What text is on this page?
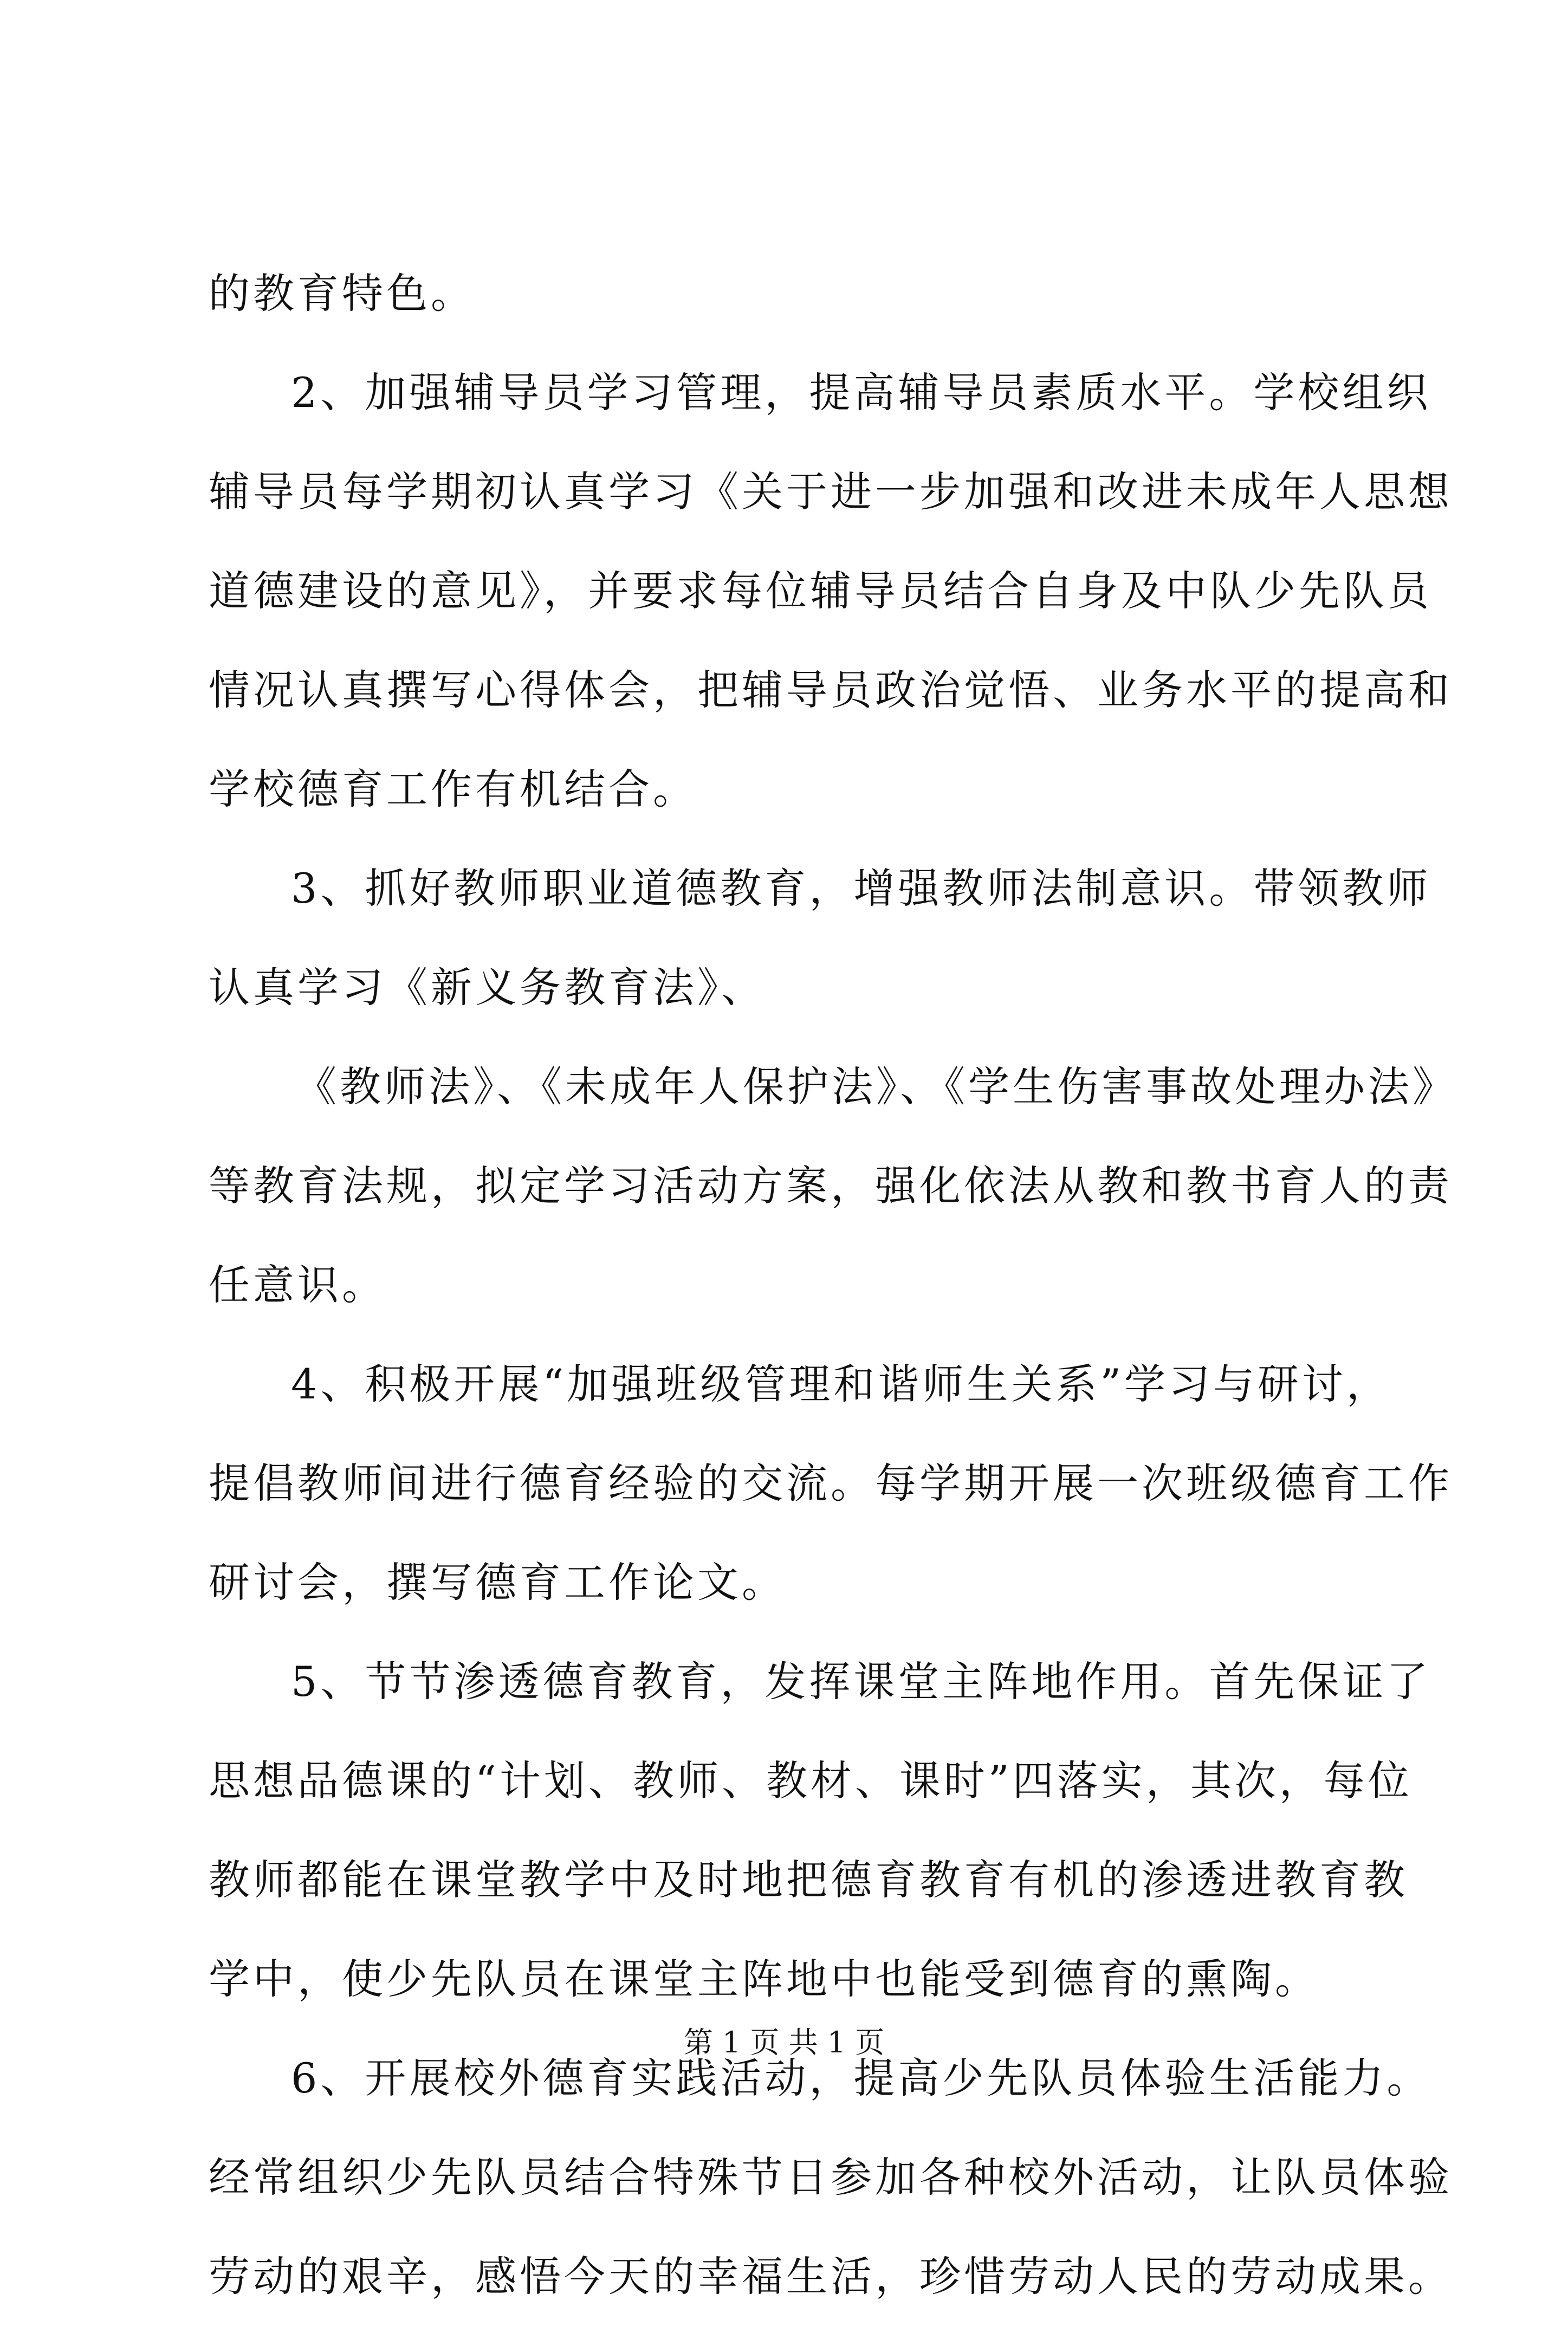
的教育特色。
2、加强辅导员学习管理，提高辅导员素质水平。学校组织
辅导员每学期初认真学习《关于进一步加强和改进未成年人思想
道德建设的意见》，并要求每位辅导员结合自身及中队少先队员
情况认真撰写心得体会，把辅导员政治觉悟、业务水平的提高和
学校德育工作有机结合。
3、抓好教师职业道德教育，增强教师法制意识。带领教师
认真学习《新义务教育法》、
《教师法》、《未成年人保护法》、《学生伤害事故处理办法》
等教育法规，拟定学习活动方案，强化依法从教和教书育人的责
任意识。
4、积极开展“加强班级管理和谐师生关系”学习与研讨，
提倡教师间进行德育经验的交流。每学期开展一次班级德育工作
研讨会，撰写德育工作论文。
5、节节渗透德育教育，发挥课堂主阵地作用。首先保证了
思想品德课的“计划、教师、教材、课时”四落实，其次，每位
教师都能在课堂教学中及时地把德育教育有机的渗透进教育教
学中，使少先队员在课堂主阵地中也能受到德育的熏陶。
6、开展校外德育实践活动，提高少先队员体验生活能力。
经常组织少先队员结合特殊节日参加各种校外活动，让队员体验
劳动的艰辛，感悟今天的幸福生活，珍惜劳动人民的劳动成果。
第 1 页 共 1 页
